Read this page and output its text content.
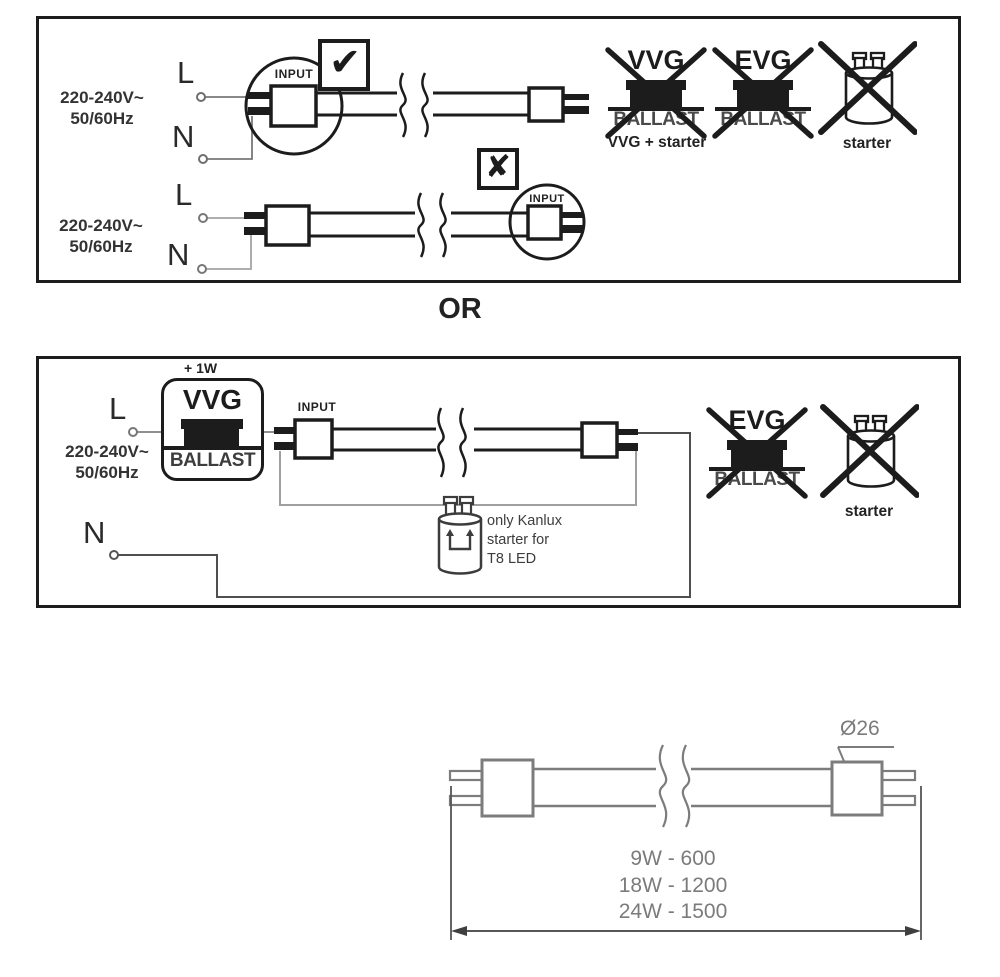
220-240V~
50/60Hz
L
N
INPUT ✔
220-240V~
50/60Hz
L
N
INPUT
✘
VVG
BALLAST
VVG + starter
EVG
BALLAST
starter
OR
+ 1W
VVG
BALLAST
L
220-240V~
50/60Hz
N
INPUT
only Kanlux
starter for
T8 LED
EVG
BALLAST
starter
Ø26
9W - 600
18W - 1200
24W - 1500
